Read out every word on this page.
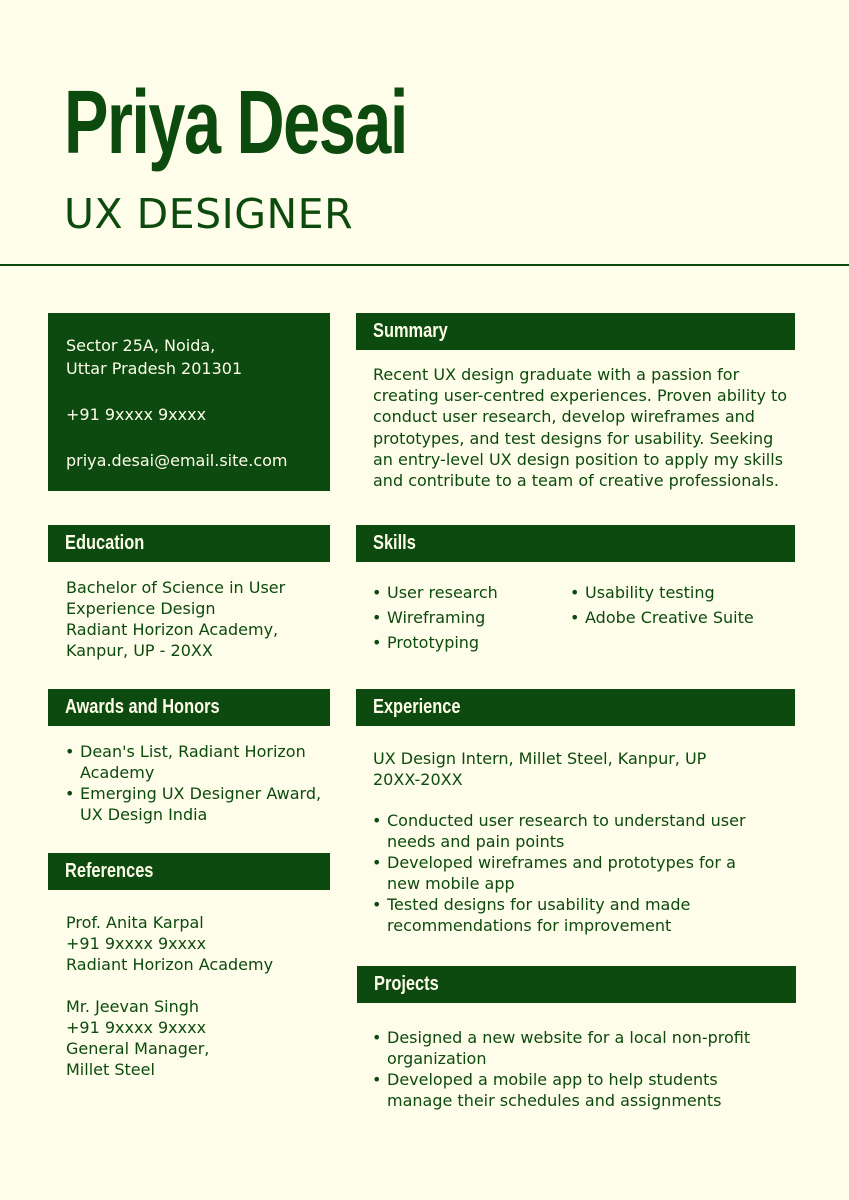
Priya Desai
UX DESIGNER
Sector 25A, Noida,
Uttar Pradesh 201301
+91 9xxxx 9xxxx
priya.desai@email.site.com
Summary
Recent UX design graduate with a passion for creating user-centred experiences. Proven ability to conduct user research, develop wireframes and prototypes, and test designs for usability. Seeking an entry-level UX design position to apply my skills and contribute to a team of creative professionals.
Education
Bachelor of Science in User Experience Design
Radiant Horizon Academy, Kanpur, UP - 20XX
Skills
• User research
• Wireframing
• Prototyping
• Usability testing
• Adobe Creative Suite
Awards and Honors
• Dean's List, Radiant Horizon Academy
• Emerging UX Designer Award, UX Design India
Experience
UX Design Intern, Millet Steel, Kanpur, UP
20XX-20XX
• Conducted user research to understand user needs and pain points
• Developed wireframes and prototypes for a new mobile app
• Tested designs for usability and made recommendations for improvement
References
Prof. Anita Karpal
+91 9xxxx 9xxxx
Radiant Horizon Academy
Mr. Jeevan Singh
+91 9xxxx 9xxxx
General Manager,
Millet Steel
Projects
• Designed a new website for a local non-profit organization
• Developed a mobile app to help students manage their schedules and assignments
